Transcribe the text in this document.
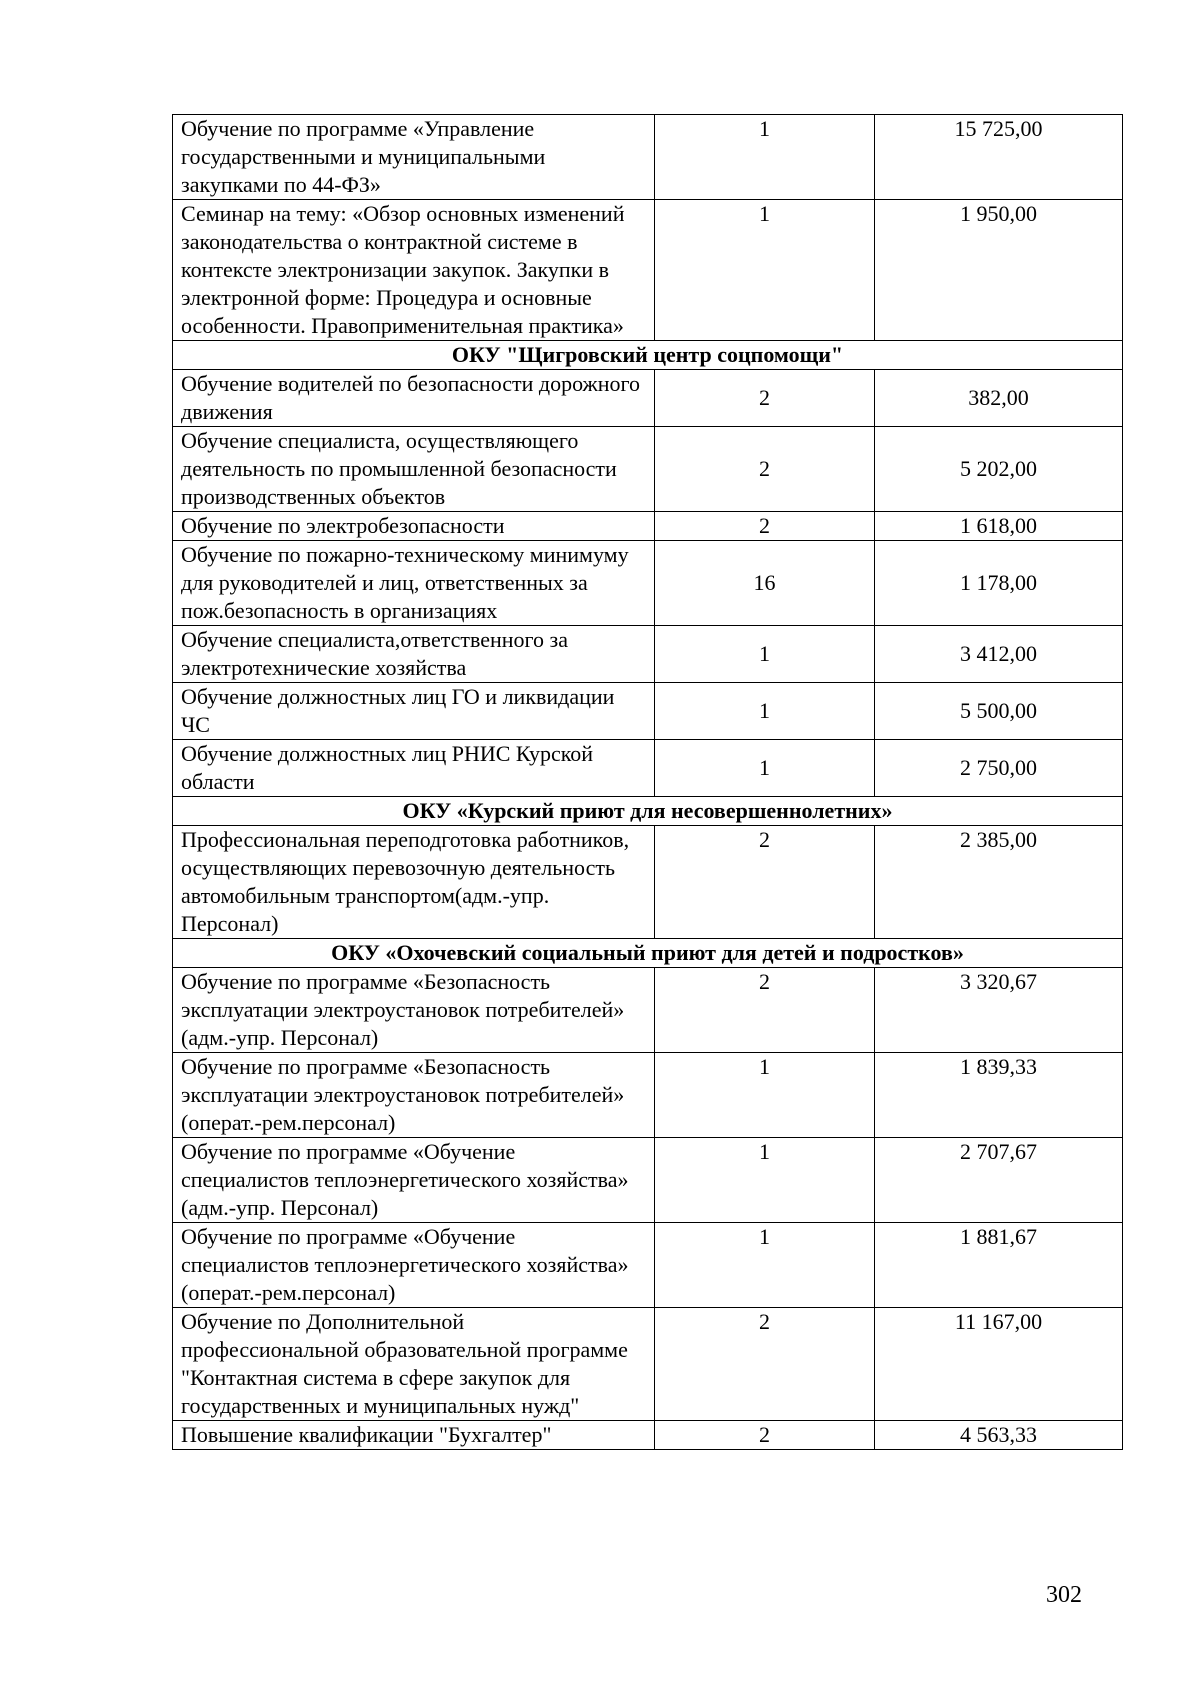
Обучение по программе «Управление государственными и муниципальными закупками по 44-ФЗ»	1	15 725,00
Семинар на тему: «Обзор основных изменений законодательства о контрактной системе в контексте электронизации закупок. Закупки в электронной форме: Процедура и основные особенности. Правоприменительная практика»	1	1 950,00
ОКУ "Щигровский центр соцпомощи"		
Обучение водителей по безопасности дорожного движения	2	382,00
Обучение специалиста, осуществляющего деятельность по промышленной безопасности производственных объектов	2	5 202,00
Обучение по электробезопасности	2	1 618,00
Обучение по пожарно-техническому минимуму для руководителей и лиц, ответственных за пож.безопасность в организациях	16	1 178,00
Обучение специалиста,ответственного за электротехнические хозяйства	1	3 412,00
Обучение должностных лиц ГО и ликвидации ЧС	1	5 500,00
Обучение должностных лиц РНИС Курской области	1	2 750,00
ОКУ «Курский приют для несовершеннолетних»		
Профессиональная переподготовка работников, осуществляющих перевозочную деятельность автомобильным транспортом(адм.-упр. Персонал)	2	2 385,00
ОКУ «Охочевский социальный приют для детей и подростков»		
Обучение по программе «Безопасность эксплуатации электроустановок потребителей» (адм.-упр. Персонал)	2	3 320,67
Обучение по программе «Безопасность эксплуатации электроустановок потребителей» (операт.-рем.персонал)	1	1 839,33
Обучение по программе «Обучение специалистов теплоэнергетического хозяйства» (адм.-упр. Персонал)	1	2 707,67
Обучение по программе «Обучение специалистов теплоэнергетического хозяйства» (операт.-рем.персонал)	1	1 881,67
Обучение по Дополнительной профессиональной образовательной программе "Контактная система в сфере закупок для государственных и муниципальных нужд"	2	11 167,00
Повышение квалификации "Бухгалтер"	2	4 563,33
302
